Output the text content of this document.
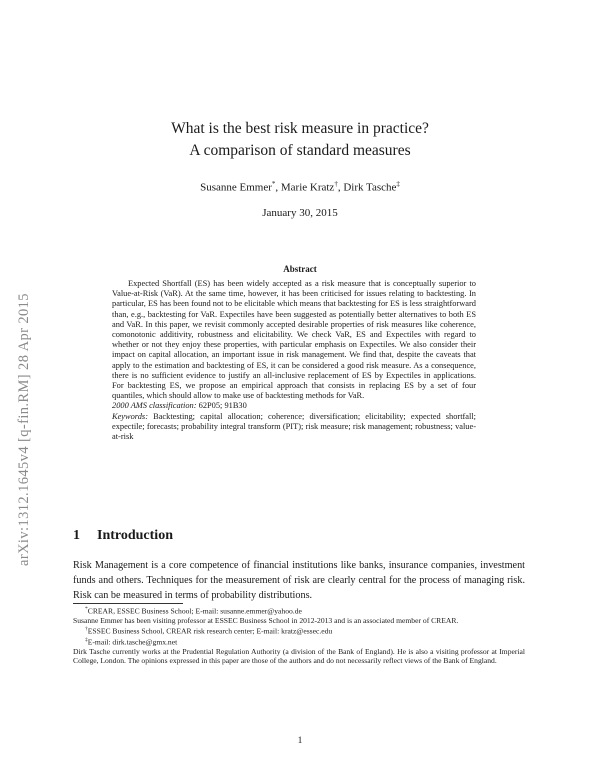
arXiv:1312.1645v4 [q-fin.RM] 28 Apr 2015
What is the best risk measure in practice?
A comparison of standard measures
Susanne Emmer*, Marie Kratz†, Dirk Tasche‡
January 30, 2015
Abstract

Expected Shortfall (ES) has been widely accepted as a risk measure that is conceptually superior to Value-at-Risk (VaR). At the same time, however, it has been criticised for issues relating to backtesting. In particular, ES has been found not to be elicitable which means that backtesting for ES is less straightforward than, e.g., backtesting for VaR. Expectiles have been suggested as potentially better alternatives to both ES and VaR. In this paper, we revisit commonly accepted desirable properties of risk measures like coherence, comonotonic additivity, robustness and elicitability. We check VaR, ES and Expectiles with regard to whether or not they enjoy these properties, with particular emphasis on Expectiles. We also consider their impact on capital allocation, an important issue in risk management. We find that, despite the caveats that apply to the estimation and backtesting of ES, it can be considered a good risk measure. As a consequence, there is no sufficient evidence to justify an all-inclusive replacement of ES by Expectiles in applications. For backtesting ES, we propose an empirical approach that consists in replacing ES by a set of four quantiles, which should allow to make use of backtesting methods for VaR.

2000 AMS classification: 62P05; 91B30

Keywords: Backtesting; capital allocation; coherence; diversification; elicitability; expected shortfall; expectile; forecasts; probability integral transform (PIT); risk measure; risk management; robustness; value-at-risk

1 Introduction

Risk Management is a core competence of financial institutions like banks, insurance companies, investment funds and others. Techniques for the measurement of risk are clearly central for the process of managing risk. Risk can be measured in terms of probability distributions.

*CREAR, ESSEC Business School; E-mail: susanne.emmer@yahoo.de

Susanne Emmer has been visiting professor at ESSEC Business School in 2012-2013 and is an associated member of CREAR.

†ESSEC Business School, CREAR risk research center; E-mail: kratz@essec.edu

‡E-mail: dirk.tasche@gmx.net

Dirk Tasche currently works at the Prudential Regulation Authority (a division of the Bank of England). He is also a visiting professor at Imperial College, London. The opinions expressed in this paper are those of the authors and do not necessarily reflect views of the Bank of England.

1
